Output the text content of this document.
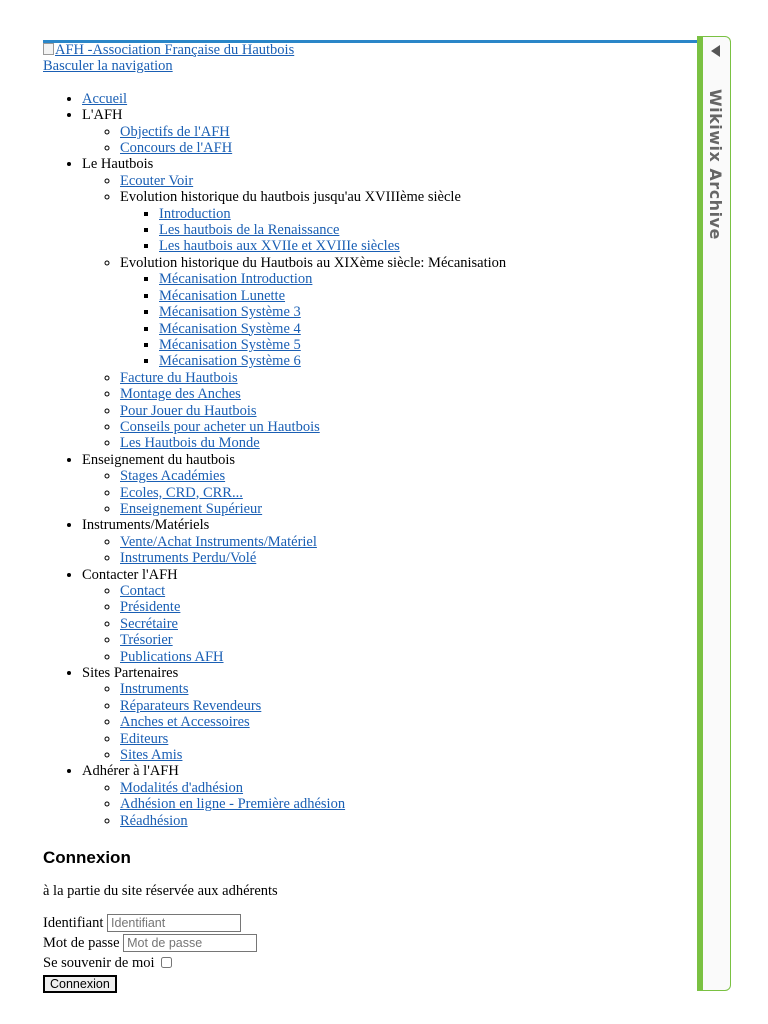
AFH -Association Française du Hautbois
Basculer la navigation
• Accueil
• L'AFH
◦ Objectifs de l'AFH
◦ Concours de l'AFH
• Le Hautbois
◦ Ecouter Voir
◦ Evolution historique du hautbois jusqu'au XVIIIème siècle
▪ Introduction
▪ Les hautbois de la Renaissance
▪ Les hautbois aux XVIIe et XVIIIe siècles
◦ Evolution historique du Hautbois au XIXème siècle: Mécanisation
▪ Mécanisation Introduction
▪ Mécanisation Lunette
▪ Mécanisation Système 3
▪ Mécanisation Système 4
▪ Mécanisation Système 5
▪ Mécanisation Système 6
◦ Facture du Hautbois
◦ Montage des Anches
◦ Pour Jouer du Hautbois
◦ Conseils pour acheter un Hautbois
◦ Les Hautbois du Monde
• Enseignement du hautbois
◦ Stages Académies
◦ Ecoles, CRD, CRR...
◦ Enseignement Supérieur
• Instruments/Matériels
◦ Vente/Achat Instruments/Matériel
◦ Instruments Perdu/Volé
• Contacter l'AFH
◦ Contact
◦ Présidente
◦ Secrétaire
◦ Trésorier
◦ Publications AFH
• Sites Partenaires
◦ Instruments
◦ Réparateurs Revendeurs
◦ Anches et Accessoires
◦ Editeurs
◦ Sites Amis
• Adhérer à l'AFH
◦ Modalités d'adhésion
◦ Adhésion en ligne - Première adhésion
◦ Réadhésion
Connexion

à la partie du site réservée aux adhérents

Identifiant Identifiant
Mot de passe
Se souvenir de moi
Connexion
Wikiwix Archive
